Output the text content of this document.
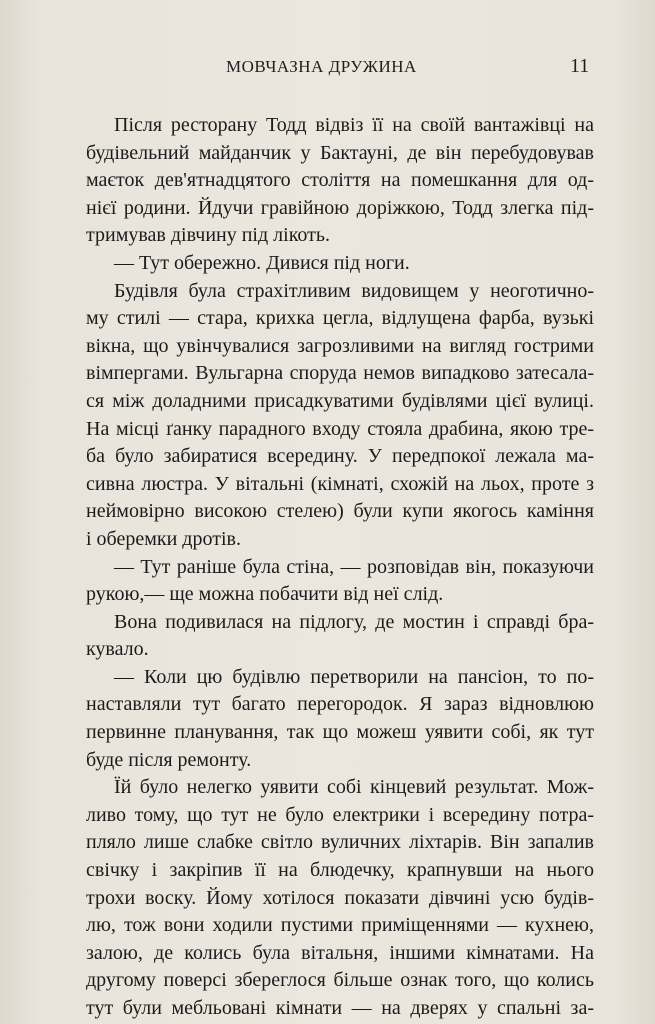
МОВЧАЗНА ДРУЖИНА	11
Після ресторану Тодд відвіз її на своїй вантажівці на
будівельний майданчик у Бактауні, де він перебудовував
маєток дев'ятнадцятого століття на помешкання для од-
нієї родини. Йдучи гравійною доріжкою, Тодд злегка під-
тримував дівчину під лікоть.
— Тут обережно. Дивися під ноги.
Будівля була страхітливим видовищем у неоготично-
му стилі — стара, крихка цегла, відлущена фарба, вузькі
вікна, що увінчувалися загрозливими на вигляд гострими
вімпергами. Вульгарна споруда немов випадково затесала-
ся між доладними присадкуватими будівлями цієї вулиці.
На місці ґанку парадного входу стояла драбина, якою тре-
ба було забиратися всередину. У передпокої лежала ма-
сивна люстра. У вітальні (кімнаті, схожій на льох, проте з
неймовірно високою стелею) були купи якогось каміння
і оберемки дротів.
— Тут раніше була стіна, — розповідав він, показуючи
рукою,— ще можна побачити від неї слід.
Вона подивилася на підлогу, де мостин і справді бра-
кувало.
— Коли цю будівлю перетворили на пансіон, то по-
наставляли тут багато перегородок. Я зараз відновлюю
первинне планування, так що можеш уявити собі, як тут
буде після ремонту.
Їй було нелегко уявити собі кінцевий результат. Мож-
ливо тому, що тут не було електрики і всередину потра-
пляло лише слабке світло вуличних ліхтарів. Він запалив
свічку і закріпив її на блюдечку, крапнувши на нього
трохи воску. Йому хотілося показати дівчині усю будів-
лю, тож вони ходили пустими приміщеннями — кухнею,
залою, де колись була вітальня, іншими кімнатами. На
другому поверсі збереглося більше ознак того, що колись
тут були мебльовані кімнати — на дверях у спальні за-
